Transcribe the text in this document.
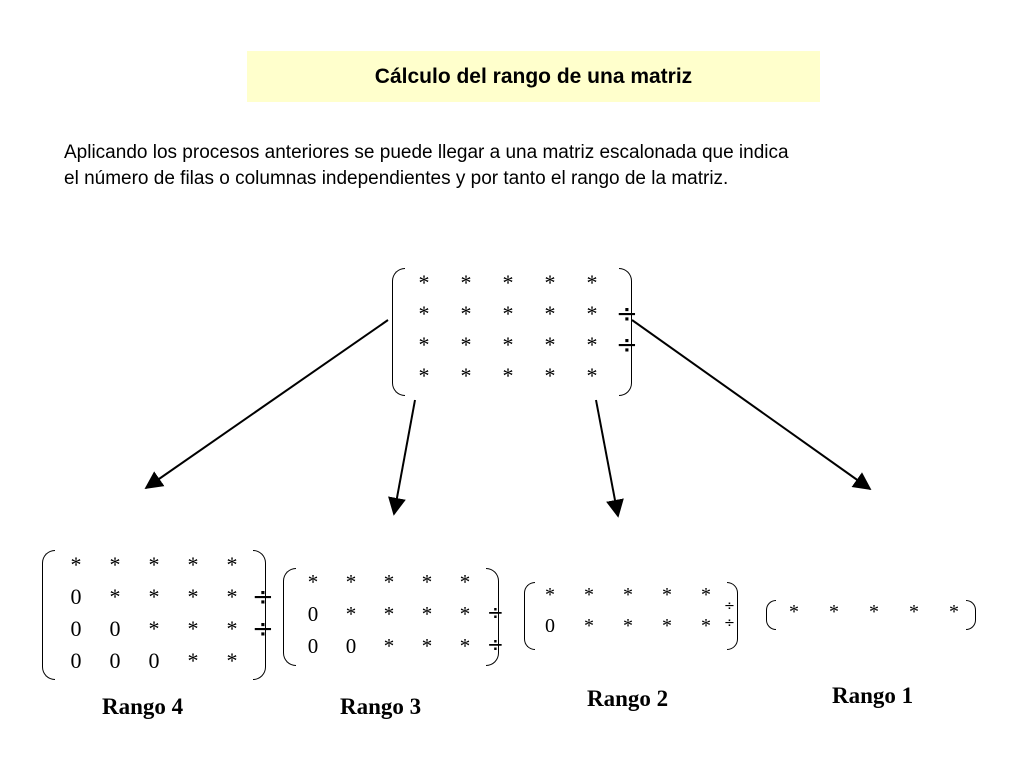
Cálculo del rango de una matriz
Aplicando los procesos anteriores se puede llegar a una matriz escalonada que indica
el número de filas o columnas independientes y por tanto el rango de la matriz.
* * * * *
* * * * *
* * * * *
* * * * *
÷
÷
* * * * *
0 * * * *
0 0 * * *
0 0 0 * *
÷
÷
* * * * *
0 * * * *
0 0 * * *
÷
÷
* * * * *
0 * * * *
÷
÷
* * * * *
Rango 4	Rango 3	Rango 2	Rango 1
